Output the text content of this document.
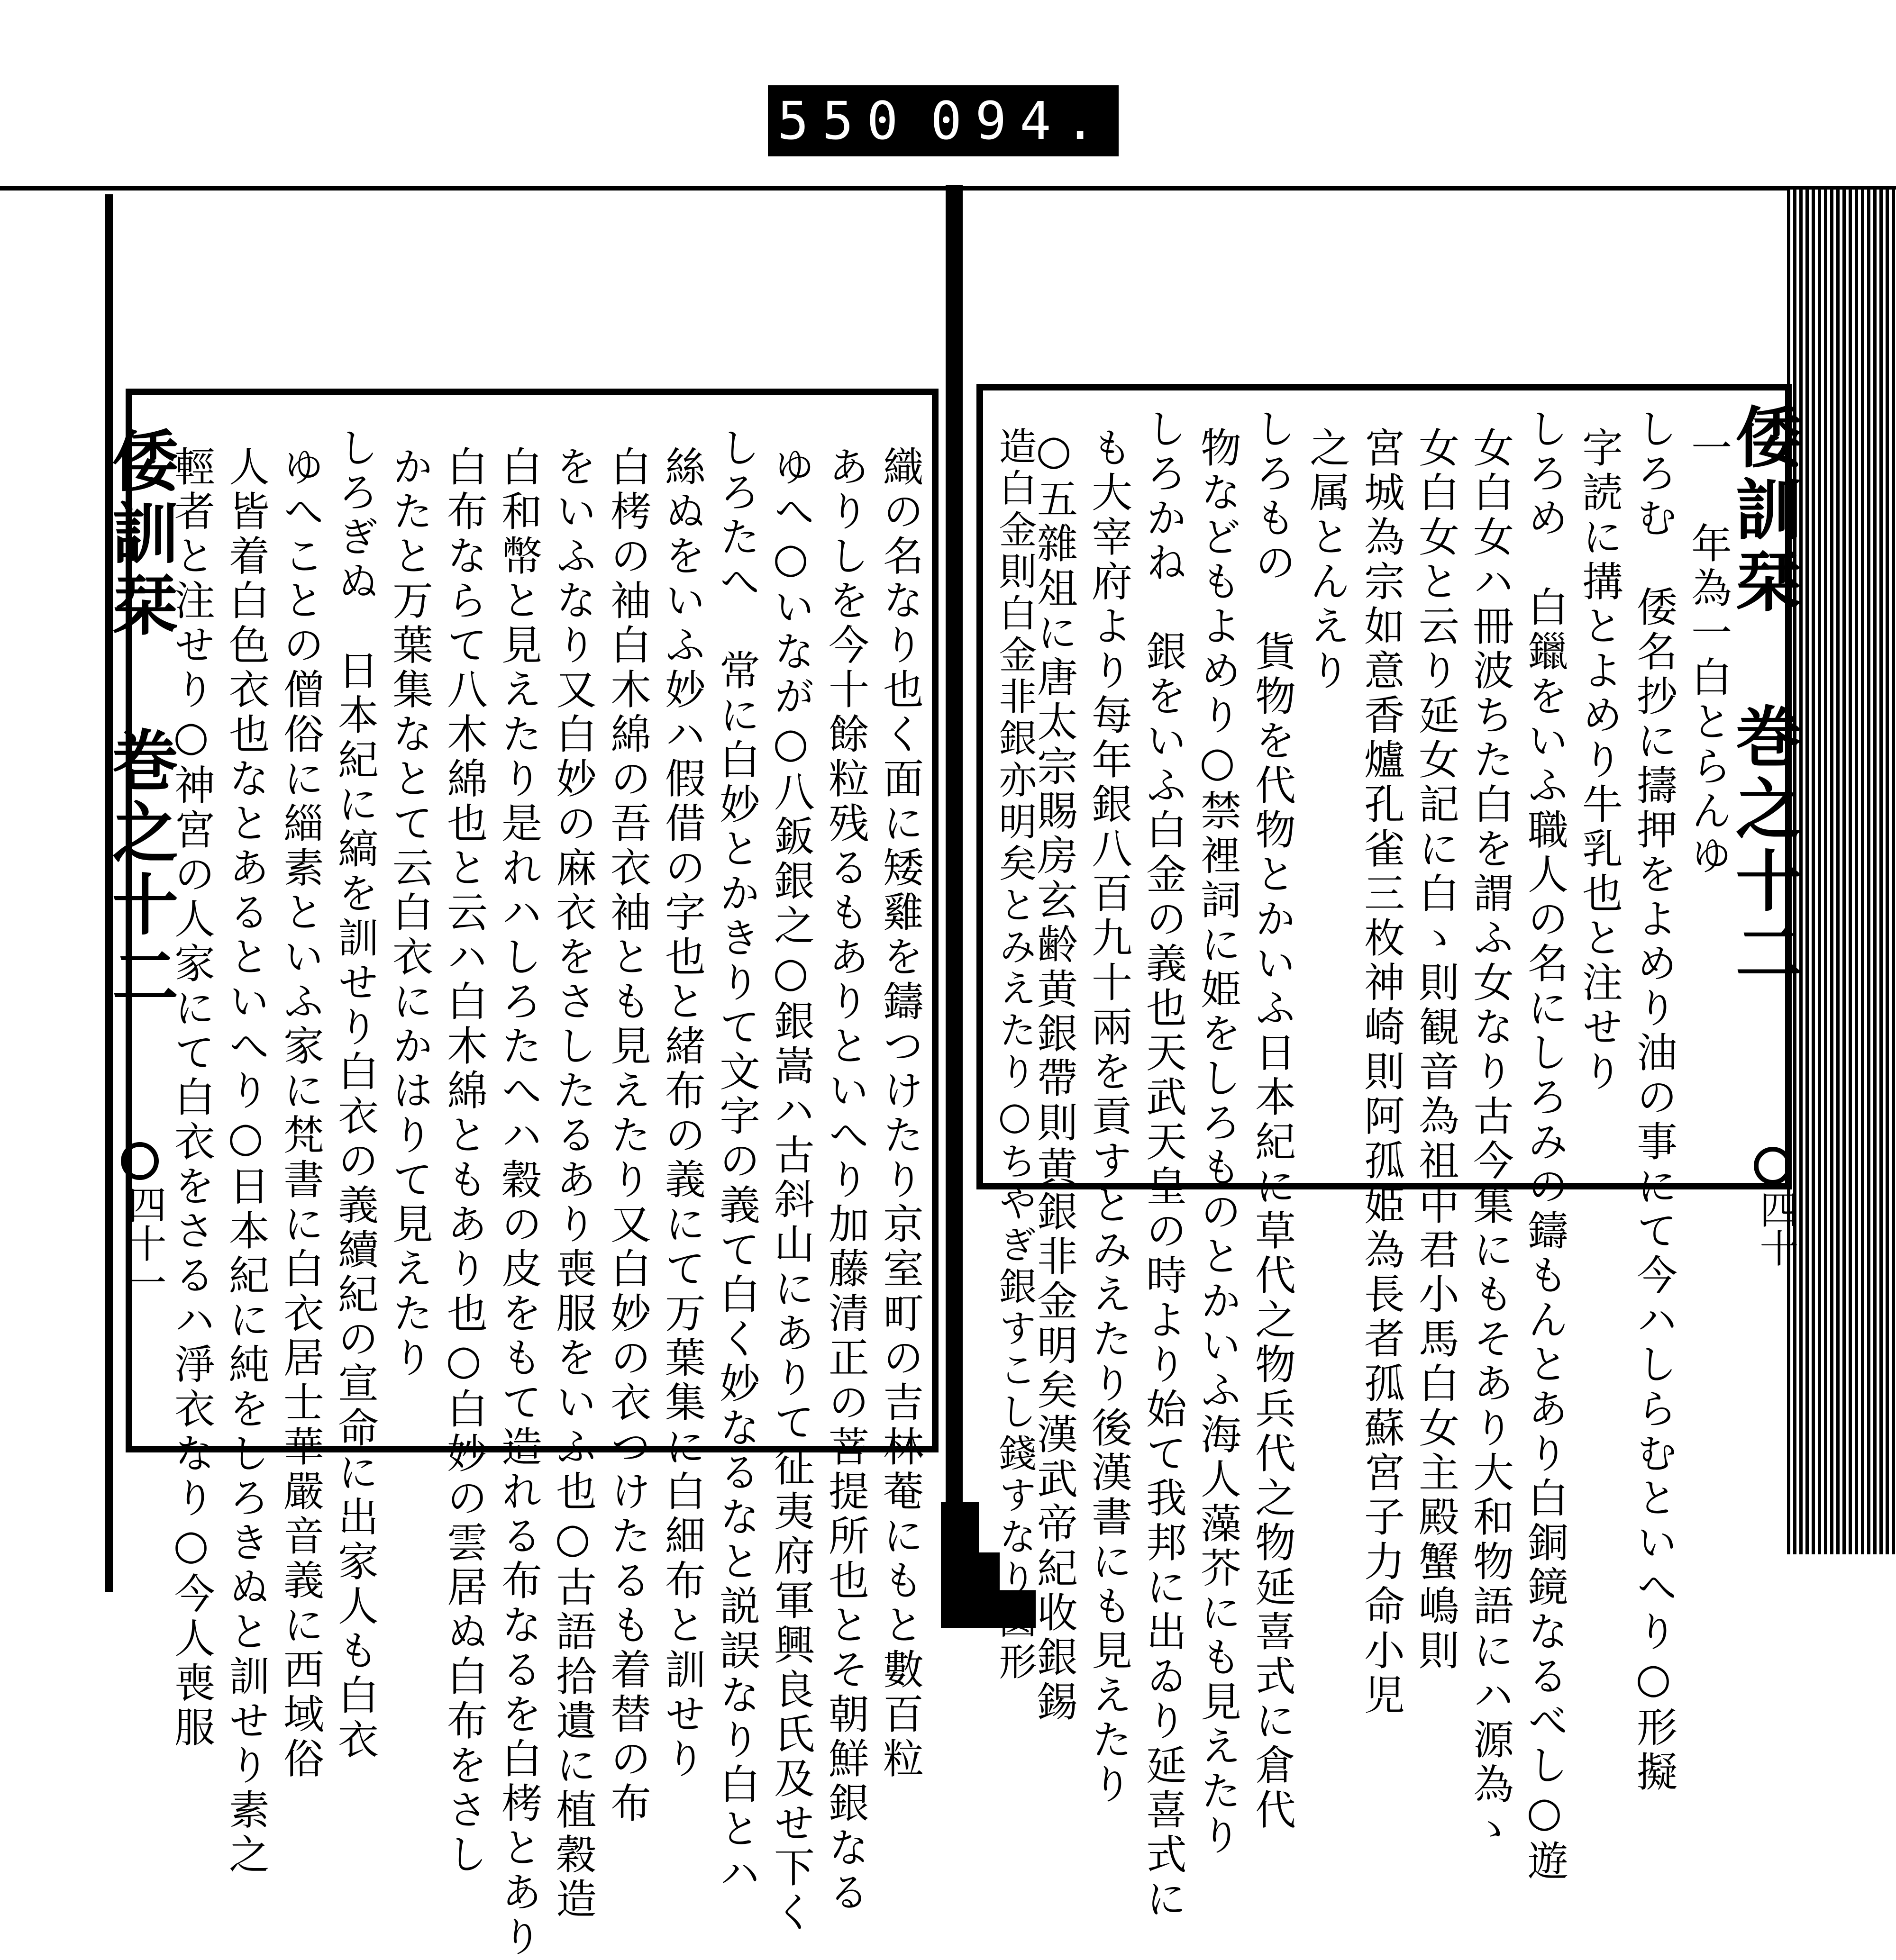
550 094.
倭訓栞 巻之十二
四十一	織の名なり也く面に矮雞を鑄つけたり京室町の吉林菴にもと數百粒
ありしを今十餘粒残るもありといへり加藤清正の菩提所也とそ朝鮮銀なる
ゆへ○いなが○八鈑銀之○銀嵩ハ古斜山にありて征夷府軍興良氏及せ下く
しろたへ　常に白妙とかきりて文字の義て白く妙なるなと説誤なり白とハ
絲ぬをいふ妙ハ假借の字也と緒布の義にて万葉集に白細布と訓せり
白栲の袖白木綿の吾衣袖とも見えたり又白妙の衣つけたるも着替の布
をいふなり又白妙の麻衣をさしたるあり喪服をいふ也○古語拾遺に植穀造
白和幣と見えたり是れハしろたへハ穀の皮をもて造れる布なるを白栲とあり
白布ならて八木綿也と云ハ白木綿ともあり也○白妙の雲居ぬ白布をさし
かたと万葉集なとて云白衣にかはりて見えたり
しろぎぬ　日本紀に縞を訓せり白衣の義續紀の宣命に出家人も白衣
ゆへことの僧俗に緇素といふ家に梵書に白衣居士華嚴音義に西域俗
人皆着白色衣也なとあるといへり○日本紀に純をしろきぬと訓せり素之
輕者と注せり○神宮の人家にて白衣をさるハ淨衣なり○今人喪服	倭訓栞 巻之十二
四十
一 年為一白とらんゆ
しろむ　倭名抄に擣押をよめり油の事にて今ハしらむといへり○形擬
字読に搆とよめり牛乳也と注せり
しろめ　白鑞をいふ職人の名にしろみの鑄もんとあり白銅鏡なるべし○遊
女白女ハ冊波ちた白を謂ふ女なり古今集にもそあり大和物語にハ源為ゝ
女白女と云り延女記に白ゝ則観音為祖中君小馬白女主殿蟹嶋則
宮城為宗如意香爐孔雀三枚神崎則阿孤姫為長者孤蘇宮子力命小児
之属とんえり
しろもの　貨物を代物とかいふ日本紀に草代之物兵代之物延喜式に倉代
物などもよめり○禁裡詞に姫をしろものとかいふ海人藻芥にも見えたり
しろかね　銀をいふ白金の義也天武天皇の時より始て我邦に出ゐり延喜式に
も大宰府より每年銀八百九十兩を貢すとみえたり後漢書にも見えたり
○五雜俎に唐太宗賜房玄齢黄銀帶則黄銀非金明矣漢武帝紀收銀錫
造白金則白金非銀亦明矣とみえたり○ちやぎ銀すこし錢すなり圓形
